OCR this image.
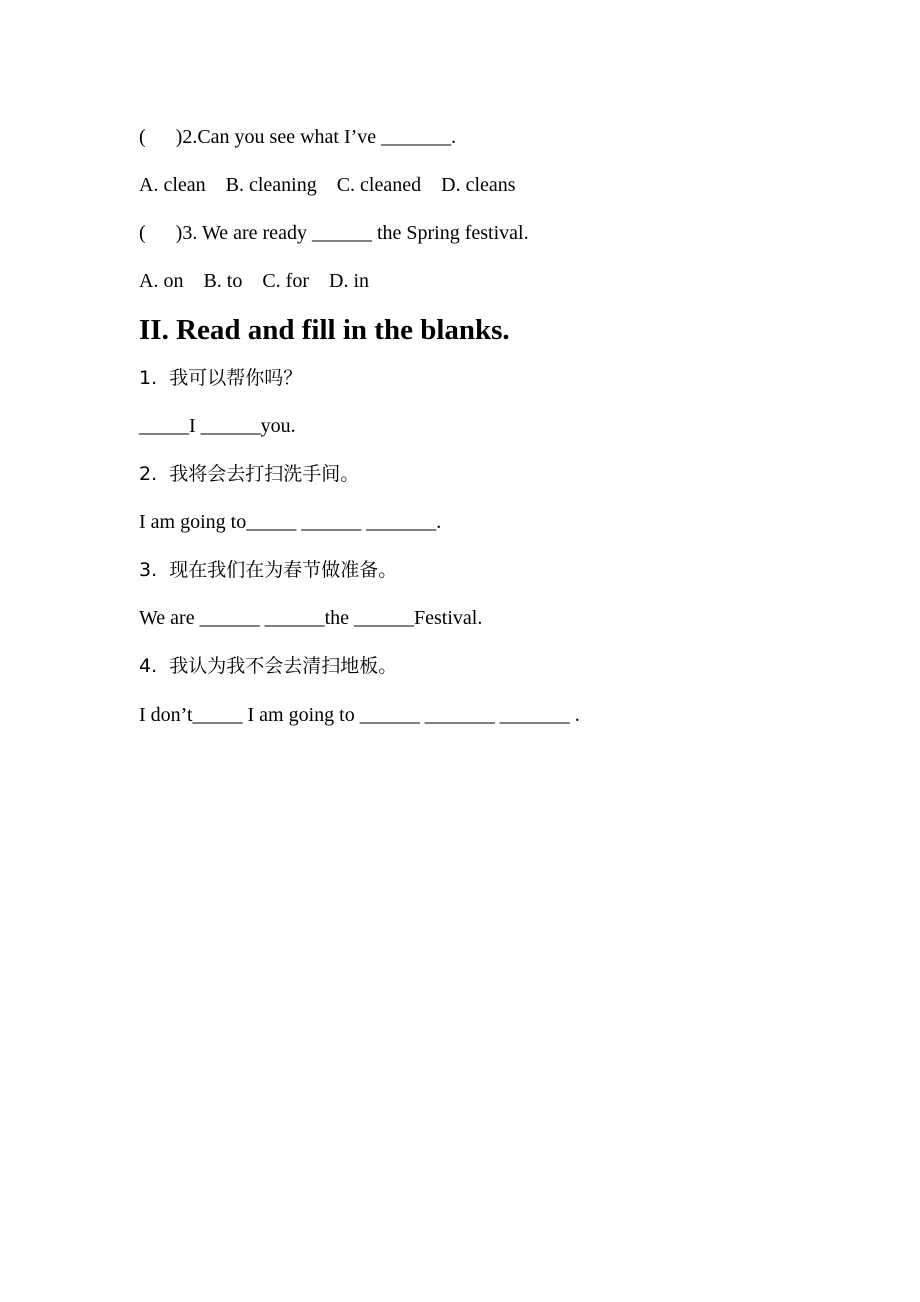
(      )2.Can you see what I’ve _______.
A. clean    B. cleaning    C. cleaned    D. cleans
(      )3. We are ready ______ the Spring festival.
A. on    B. to    C. for    D. in
II. Read and fill in the blanks.
1.  我可以帮你吗？
_____I ______you.
2.  我将会去打扫洗手间。
I am going to_____ ______ _______.
3.  现在我们在为春节做准备。
We are ______ ______the ______Festival.
4.  我认为我不会去清扫地板。
I don’t_____ I am going to ______ _______ _______ .
